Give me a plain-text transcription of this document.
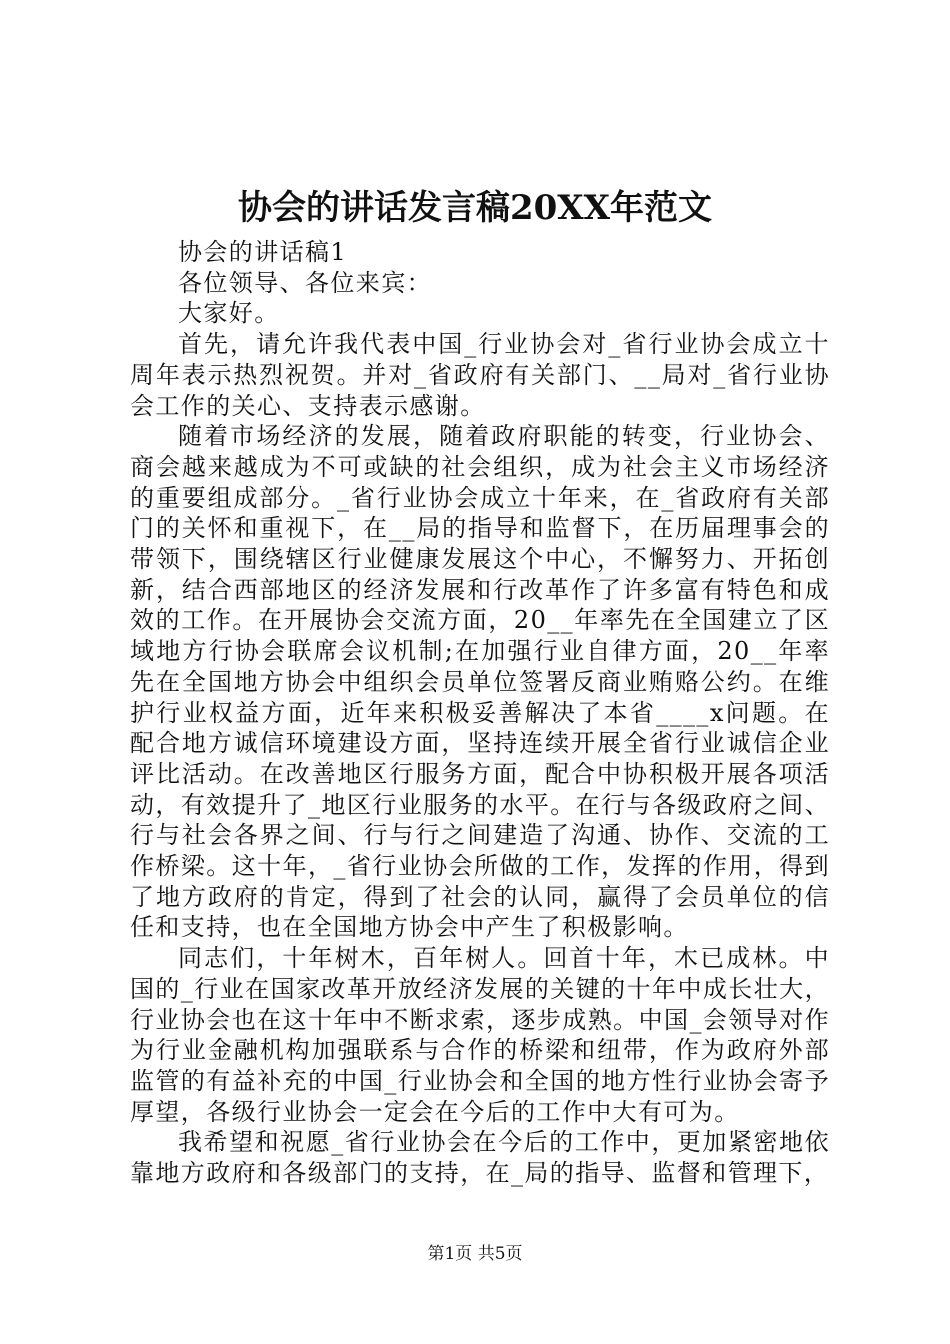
协会的讲话发言稿20XX年范文

协会的讲话稿1

各位领导、各位来宾：

大家好。

首先，请允许我代表中国_行业协会对_省行业协会成立十周年表示热烈祝贺。并对_省政府有关部门、__局对_省行业协会工作的关心、支持表示感谢。

随着市场经济的发展，随着政府职能的转变，行业协会、商会越来越成为不可或缺的社会组织，成为社会主义市场经济的重要组成部分。_省行业协会成立十年来，在_省政府有关部门的关怀和重视下，在__局的指导和监督下，在历届理事会的带领下，围绕辖区行业健康发展这个中心，不懈努力、开拓创新，结合西部地区的经济发展和行改革作了许多富有特色和成效的工作。在开展协会交流方面，20__年率先在全国建立了区域地方行协会联席会议机制;在加强行业自律方面，20__年率先在全国地方协会中组织会员单位签署反商业贿赂公约。在维护行业权益方面，近年来积极妥善解决了本省____x问题。在配合地方诚信环境建设方面，坚持连续开展全省行业诚信企业评比活动。在改善地区行服务方面，配合中协积极开展各项活动，有效提升了_地区行业服务的水平。在行与各级政府之间、行与社会各界之间、行与行之间建造了沟通、协作、交流的工作桥梁。这十年，_省行业协会所做的工作，发挥的作用，得到了地方政府的肯定，得到了社会的认同，赢得了会员单位的信任和支持，也在全国地方协会中产生了积极影响。

同志们，十年树木，百年树人。回首十年，木已成林。中国的_行业在国家改革开放经济发展的关键的十年中成长壮大，行业协会也在这十年中不断求索，逐步成熟。中国_会领导对作为行业金融机构加强联系与合作的桥梁和纽带，作为政府外部监管的有益补充的中国_行业协会和全国的地方性行业协会寄予厚望，各级行业协会一定会在今后的工作中大有可为。

我希望和祝愿_省行业协会在今后的工作中，更加紧密地依靠地方政府和各级部门的支持，在_局的指导、监督和管理下，

第1页 共5页
